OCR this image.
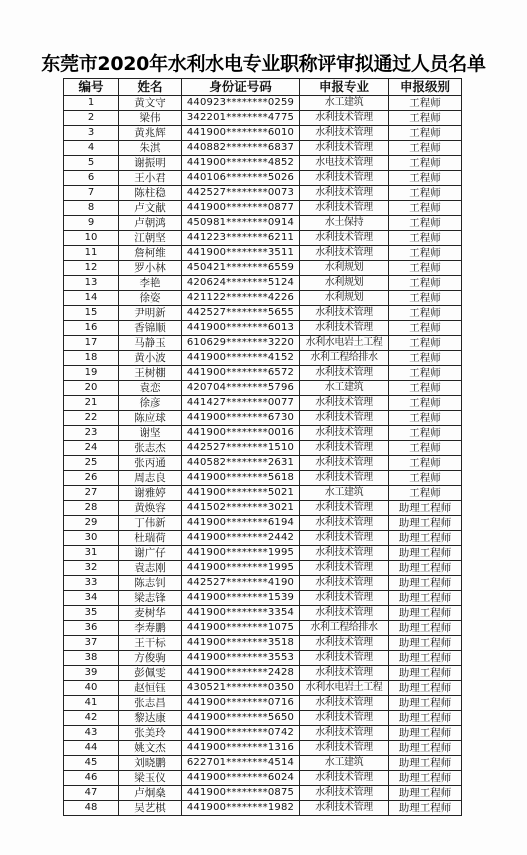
东莞市2020年水利水电专业职称评审拟通过人员名单
编号	姓名	身份证号码	申报专业	申报级别
1	黄文守	440923********0259	水工建筑	工程师
2	梁伟	342201********4775	水利技术管理	工程师
3	黄兆辉	441900********6010	水利技术管理	工程师
4	朱淇	440882********6837	水利技术管理	工程师
5	谢振明	441900********4852	水电技术管理	工程师
6	王小君	440106********5026	水利技术管理	工程师
7	陈柱稳	442527********0073	水利技术管理	工程师
8	卢文献	441900********0877	水利技术管理	工程师
9	卢朝鸿	450981********0914	水土保持	工程师
10	江朝坚	441223********6211	水利技术管理	工程师
11	詹柯维	441900********3511	水利技术管理	工程师
12	罗小林	450421********6559	水利规划	工程师
13	李艳	420624********5124	水利规划	工程师
14	徐姿	421122********4226	水利规划	工程师
15	尹明新	442527********5655	水利技术管理	工程师
16	香锦顺	441900********6013	水利技术管理	工程师
17	马静玉	610629********3220	水利水电岩土工程	工程师
18	黄小波	441900********4152	水利工程给排水	工程师
19	王树棚	441900********6572	水利技术管理	工程师
20	袁恋	420704********5796	水工建筑	工程师
21	徐彦	441427********0077	水利技术管理	工程师
22	陈应球	441900********6730	水利技术管理	工程师
23	谢坚	441900********0016	水利技术管理	工程师
24	张志杰	442527********1510	水利技术管理	工程师
25	张丙通	440582********2631	水利技术管理	工程师
26	周志良	441900********5618	水利技术管理	工程师
27	谢雅婷	441900********5021	水工建筑	工程师
28	黄焕容	441502********3021	水利技术管理	助理工程师
29	丁伟新	441900********6194	水利技术管理	助理工程师
30	杜瑞荷	441900********2442	水利技术管理	助理工程师
31	谢广仔	441900********1995	水利技术管理	助理工程师
32	袁志刚	441900********1995	水利技术管理	助理工程师
33	陈志钊	442527********4190	水利技术管理	助理工程师
34	梁志锋	441900********1539	水利技术管理	助理工程师
35	麦树华	441900********3354	水利技术管理	助理工程师
36	李寿鹏	441900********1075	水利工程给排水	助理工程师
37	王干标	441900********3518	水利技术管理	助理工程师
38	方俊驹	441900********3553	水利技术管理	助理工程师
39	彭佩雯	441900********2428	水利技术管理	助理工程师
40	赵恒钰	430521********0350	水利水电岩土工程	助理工程师
41	张志昌	441900********0716	水利技术管理	助理工程师
42	黎达康	441900********5650	水利技术管理	助理工程师
43	张美玲	441900********0742	水利技术管理	助理工程师
44	姚文杰	441900********1316	水利技术管理	助理工程师
45	刘晓鹏	622701********4514	水工建筑	助理工程师
46	梁玉仪	441900********6024	水利技术管理	助理工程师
47	卢炯燊	441900********0875	水利技术管理	助理工程师
48	吴艺棋	441900********1982	水利技术管理	助理工程师
